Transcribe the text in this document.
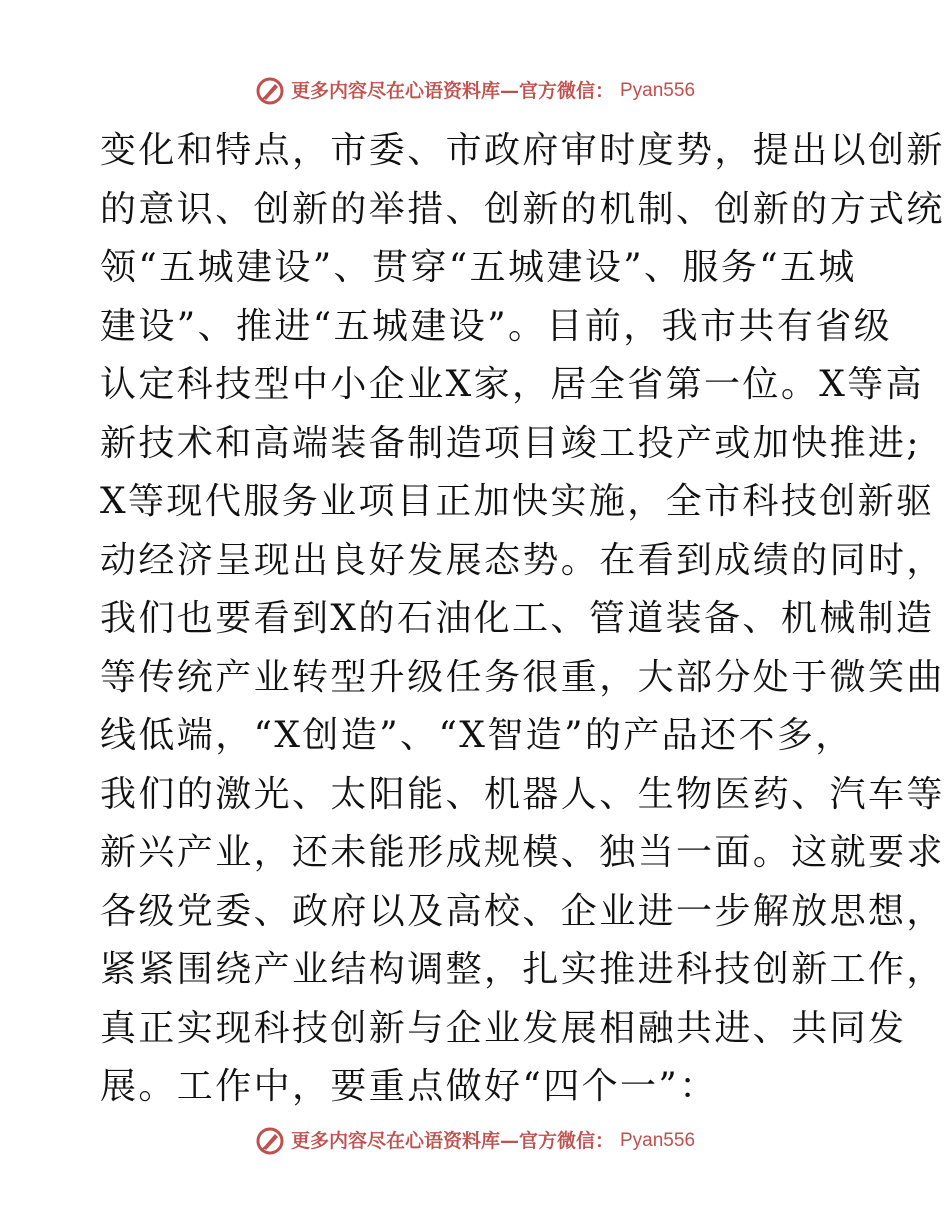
更多内容尽在心语资料库—官方微信： Pyan556
变化和特点，市委、市政府审时度势，提出以创新
的意识、创新的举措、创新的机制、创新的方式统
领“五城建设”、贯穿“五城建设”、服务“五城
建设”、推进“五城建设”。目前，我市共有省级
认定科技型中小企业X家，居全省第一位。X等高
新技术和高端装备制造项目竣工投产或加快推进;
X等现代服务业项目正加快实施，全市科技创新驱
动经济呈现出良好发展态势。在看到成绩的同时，
我们也要看到X的石油化工、管道装备、机械制造
等传统产业转型升级任务很重，大部分处于微笑曲
线低端，“X创造”、“X智造”的产品还不多，
我们的激光、太阳能、机器人、生物医药、汽车等
新兴产业，还未能形成规模、独当一面。这就要求
各级党委、政府以及高校、企业进一步解放思想，
紧紧围绕产业结构调整，扎实推进科技创新工作，
真正实现科技创新与企业发展相融共进、共同发
展。工作中，要重点做好“四个一”：
更多内容尽在心语资料库—官方微信： Pyan556
